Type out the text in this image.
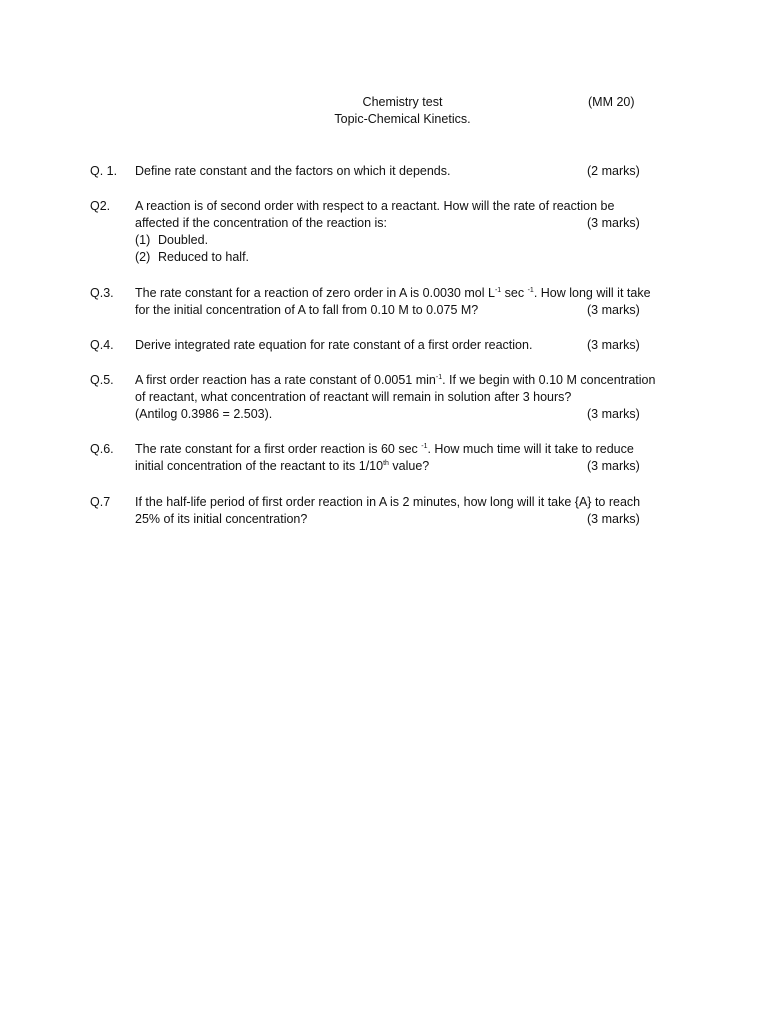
Chemistry test	(MM 20)
Topic-Chemical Kinetics.
Q. 1. Define rate constant and the factors on which it depends.	(2 marks)
Q2. A reaction is of second order with respect to a reactant. How will the rate of reaction be
affected if the concentration of the reaction is:	(3 marks)
(1) Doubled.
(2) Reduced to half.
Q.3. The rate constant for a reaction of zero order in A is 0.0030 mol $L^{-1}$ sec $^{-1}$. How long will it take
for the initial concentration of A to fall from 0.10 M to 0.075 M?	(3 marks)
Q.4. Derive integrated rate equation for rate constant of a first order reaction.	(3 marks)
Q.5. A first order reaction has a rate constant of 0.0051 $\min^{-1}$. If we begin with 0.10 M concentration
of reactant, what concentration of reactant will remain in solution after 3 hours?
(Antilog 0.3986 = 2.503).	(3 marks)
Q.6. The rate constant for a first order reaction is 60 sec $^{-1}$. How much time will it take to reduce
initial concentration of the reactant to its 1/10th value?	(3 marks)
Q.7 If the half-life period of first order reaction in A is 2 minutes, how long will it take {A} to reach
25% of its initial concentration?	(3 marks)
